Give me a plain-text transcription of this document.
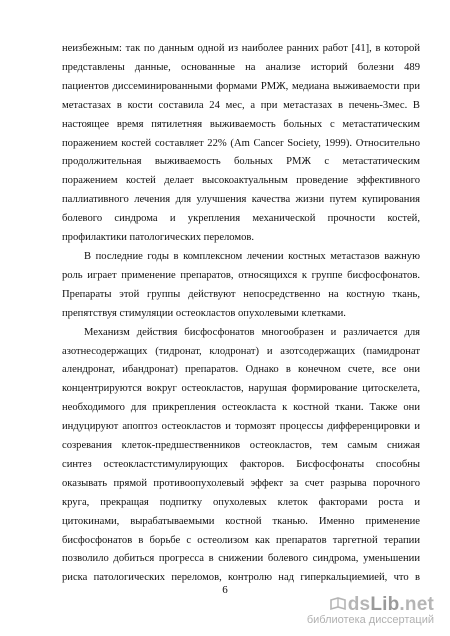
неизбежным: так по данным одной из наиболее ранних работ [41], в которой
представлены данные, основанные на анализе историй болезни 489
пациентов диссеминированными формами РМЖ, медиана выживаемости при
метастазах в кости составила 24 мес, а при метастазах в печень-3мес. В
настоящее время пятилетняя выживаемость больных с метастатическим
поражением костей составляет 22% (Am Cancer Society, 1999). Относительно
продолжительная выживаемость больных РМЖ с метастатическим
поражением костей делает высокоактуальным проведение эффективного
паллиативного лечения для улучшения качества жизни путем купирования
болевого синдрома и укрепления механической прочности костей,
профилактики патологических переломов.
В последние годы в комплексном лечении костных метастазов важную
роль играет применение препаратов, относящихся к группе бисфосфонатов.
Препараты этой группы действуют непосредственно на костную ткань,
препятствуя стимуляции остеокластов опухолевыми клетками.
Механизм действия бисфосфонатов многообразен и различается для
азотнесодержащих (тидронат, клодронат) и азотсодержащих (памидронат
алендронат, ибандронат) препаратов. Однако в конечном счете, все они
концентрируются вокруг остеокластов, нарушая формирование цитоскелета,
необходимого для прикрепления остеокласта к костной ткани. Также они
индуцируют апоптоз остеокластов и тормозят процессы дифференцировки и
созревания клеток-предшественников остеокластов, тем самым снижая
синтез остеокластстимулирующих факторов. Бисфосфонаты способны
оказывать прямой противоопухолевый эффект за счет разрыва порочного
круга, прекращая подпитку опухолевых клеток факторами роста и
цитокинами, вырабатываемыми костной тканью. Именно применение
бисфосфонатов в борьбе с остеолизом как препаратов таргетной терапии
позволило добиться прогресса в снижении болевого синдрома, уменьшении
риска патологических переломов, контролю над гиперкальциемией, что в
6
dsLib.net
библиотека диссертаций
